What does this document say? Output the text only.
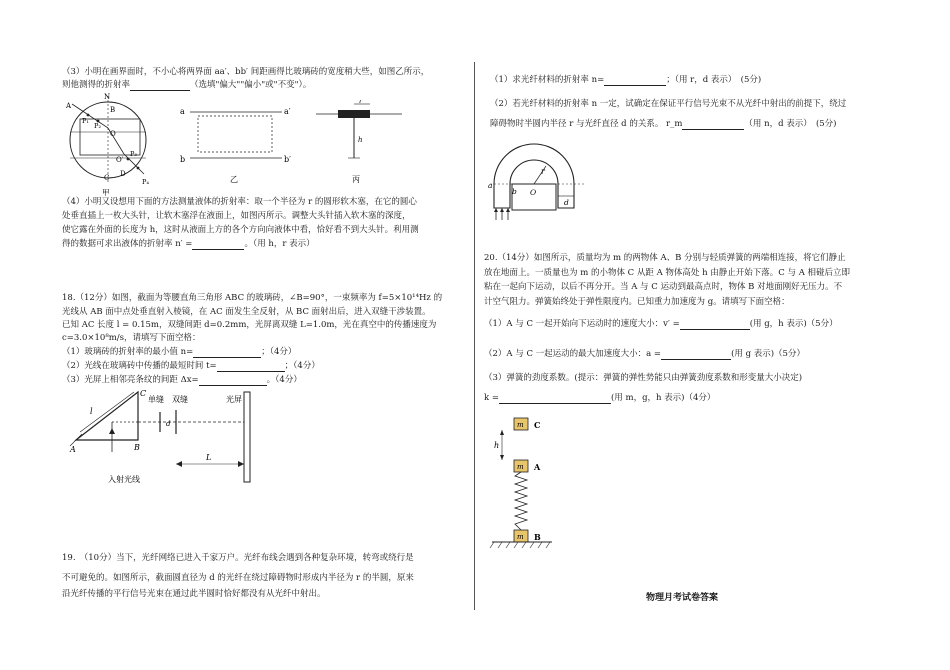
（3）小明在画界面时，不小心将两界面 aa′、bb′ 间距画得比玻璃砖的宽度稍大些，如图乙所示，
则他测得的折射率	（选填"偏大""偏小"或"不变"）。
N
A	B
P₁
P₂
O
O′
P₃
C D
P₄
甲
a	a′
b	b′
乙
r
h
丙
（4）小明又设想用下面的方法测量液体的折射率：取一个半径为 r 的圆形软木塞，在它的圆心
处垂直插上一枚大头针，让软木塞浮在液面上，如图丙所示。调整大头针插入软木塞的深度，
使它露在外面的长度为 h，这时从液面上方的各个方向向液体中看，恰好看不到大头针。利用测
得的数据可求出液体的折射率 n′ =	。（用 h，r 表示）
18.（12分）如图，截面为等腰直角三角形 ABC 的玻璃砖，∠B=90°，一束频率为 f=5×10¹⁴Hz 的
光线从 AB 面中点处垂直射入棱镜，在 AC 面发生全反射，从 BC 面射出后，进入双缝干涉装置。
已知 AC 长度 l = 0.15m，双缝间距 d=0.2mm，光屏离双缝 L=1.0m，光在真空中的传播速度为
c=3.0×10⁸m/s，请填写下面空格：
（1）玻璃砖的折射率的最小值 n=	；（4分）
（2）光线在玻璃砖中传播的最短时间 t=	；（4分）
（3）光屏上相邻亮条纹的间距 Δx=	。（4分）
C
A	B
l
d
L
单缝 双缝	光屏
入射光线
19.　（10分）当下，光纤网络已进入千家万户。光纤布线会遇到各种复杂环境，转弯或绕行是
不可避免的。如图所示，截面圆直径为 d 的光纤在绕过障碍物时形成内半径为 r 的半圆，原来
沿光纤传播的平行信号光束在通过此半圆时恰好都没有从光纤中射出。
（1）求光纤材料的折射率 n=	；（用 r，d 表示）　(5分)
（2）若光纤材料的折射率 n 一定，试确定在保证平行信号光束不从光纤中射出的前提下，绕过
障碍物时半圆内半径 r 与光纤直径 d 的关系。 r_m	（用 n，d 表示）　(5分)
r
a
b O
d
20.（14分）如图所示，质量均为 m 的两物体 A、B 分别与轻质弹簧的两端相连接，将它们静止
放在地面上。一质量也为 m 的小物体 C 从距 A 物体高处 h 由静止开始下落。C 与 A 相碰后立即
粘在一起向下运动，以后不再分开。当 A 与 C 运动到最高点时，物体 B 对地面刚好无压力。不
计空气阻力。弹簧始终处于弹性限度内。已知重力加速度为 g。请填写下面空格：
（1）A 与 C 一起开始向下运动时的速度大小：v′ =	(用 g，h 表示)（5分）
（2）A 与 C 一起运动的最大加速度大小：a =	(用 g 表示)（5分）
（3）弹簧的劲度系数。(提示：弹簧的弹性势能只由弹簧劲度系数和形变量大小决定)
k =	(用 m，g，h 表示)（4分）
m
m
m
C
A
B
h
物理月考试卷答案
